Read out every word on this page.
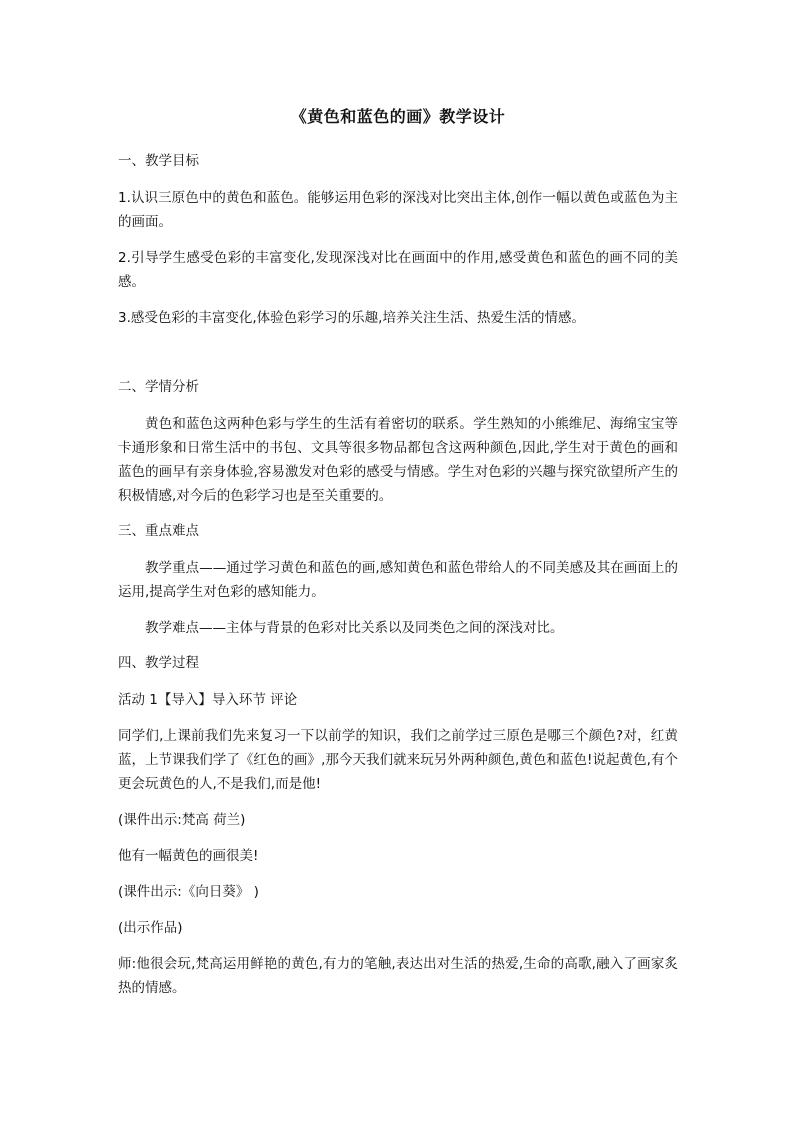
《黄色和蓝色的画》教学设计
一、教学目标

1.认识三原色中的黄色和蓝色。能够运用色彩的深浅对比突出主体,创作一幅以黄色或蓝色为主的画面。

2.引导学生感受色彩的丰富变化,发现深浅对比在画面中的作用,感受黄色和蓝色的画不同的美感。

3.感受色彩的丰富变化,体验色彩学习的乐趣,培养关注生活、热爱生活的情感。

二、学情分析

黄色和蓝色这两种色彩与学生的生活有着密切的联系。学生熟知的小熊维尼、海绵宝宝等卡通形象和日常生活中的书包、文具等很多物品都包含这两种颜色,因此,学生对于黄色的画和蓝色的画早有亲身体验,容易激发对色彩的感受与情感。学生对色彩的兴趣与探究欲望所产生的积极情感,对今后的色彩学习也是至关重要的。

三、重点难点

教学重点——通过学习黄色和蓝色的画,感知黄色和蓝色带给人的不同美感及其在画面上的运用,提高学生对色彩的感知能力。

教学难点——主体与背景的色彩对比关系以及同类色之间的深浅对比。

四、教学过程

活动 1【导入】导入环节 评论

同学们,上课前我们先来复习一下以前学的知识，我们之前学过三原色是哪三个颜色?对，红黄蓝，上节课我们学了《红色的画》,那今天我们就来玩另外两种颜色,黄色和蓝色!说起黄色,有个更会玩黄色的人,不是我们,而是他!

(课件出示:梵高 荷兰)

他有一幅黄色的画很美!

(课件出示:《向日葵》 )

(出示作品)

师:他很会玩,梵高运用鲜艳的黄色,有力的笔触,表达出对生活的热爱,生命的高歌,融入了画家炙热的情感。
